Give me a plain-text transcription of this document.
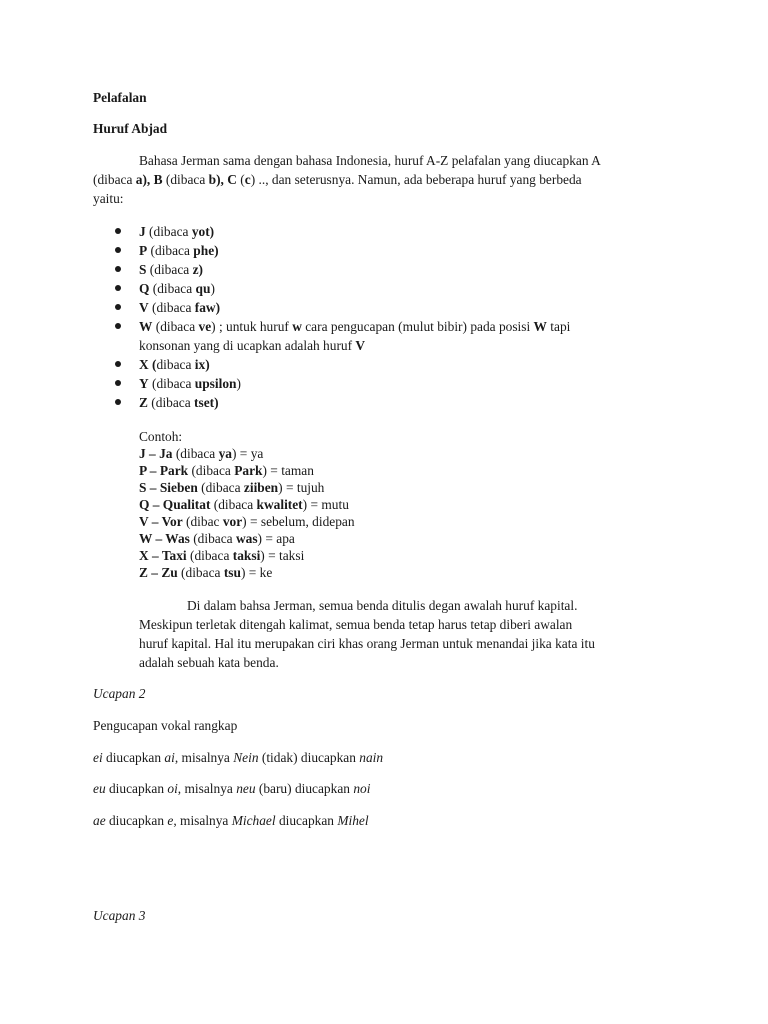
Pelafalan
Huruf Abjad
Bahasa Jerman sama dengan bahasa Indonesia, huruf A-Z pelafalan yang diucapkan A
(dibaca a), B (dibaca b), C (c) .., dan seterusnya. Namun, ada beberapa huruf yang berbeda
yaitu:
J (dibaca yot)
P (dibaca phe)
S (dibaca z)
Q (dibaca qu)
V (dibaca faw)
W (dibaca ve) ; untuk huruf w cara pengucapan (mulut bibir) pada posisi W tapi
konsonan yang di ucapkan adalah huruf V
X (dibaca ix)
Y (dibaca upsilon)
Z (dibaca tset)
Contoh:
J – Ja (dibaca ya) = ya
P – Park (dibaca Park) = taman
S – Sieben (dibaca ziiben) = tujuh
Q – Qualitat (dibaca kwalitet) = mutu
V – Vor (dibac vor) = sebelum, didepan
W – Was (dibaca was) = apa
X – Taxi (dibaca taksi) = taksi
Z – Zu (dibaca tsu) = ke
Di dalam bahsa Jerman, semua benda ditulis degan awalah huruf kapital.
Meskipun terletak ditengah kalimat, semua benda tetap harus tetap diberi awalan
huruf kapital. Hal itu merupakan ciri khas orang Jerman untuk menandai jika kata itu
adalah sebuah kata benda.
Ucapan 2
Pengucapan vokal rangkap
ei diucapkan ai, misalnya Nein (tidak) diucapkan nain
eu diucapkan oi, misalnya neu (baru) diucapkan noi
ae diucapkan e, misalnya Michael diucapkan Mihel
Ucapan 3
